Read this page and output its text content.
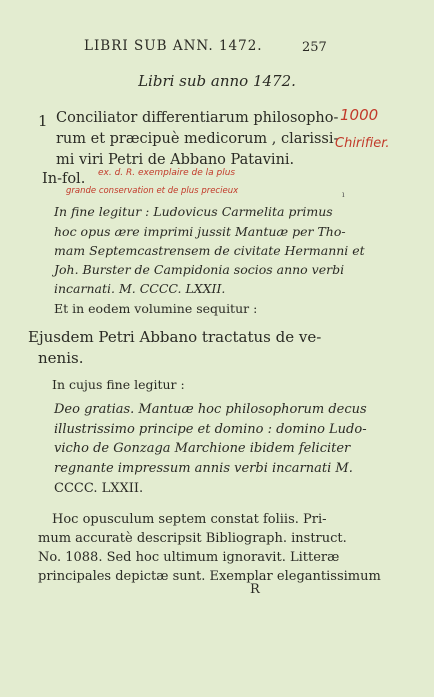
LIBRI SUB ANN. 1472.	257
Libri sub anno 1472.
1 Conciliator differentiarum philosopho-
rum et præcipuè medicorum , clarissi-
mi viri Petri de Abbano Patavini.
In-fol.
1000
Chirifier.
ex. d. R. exemplaire de la plus
grande conservation et de plus precieux	ı
In fine legitur : Ludovicus Carmelita primus
hoc opus ære imprimi jussit Mantuæ per Tho-
mam Septemcastrensem de civitate Hermanni et
Joh. Burster de Campidonia socios anno verbi
incarnati. M. CCCC. LXXII.
Et in eodem volumine sequitur :
Ejusdem Petri Abbano tractatus de ve-
nenis.
In cujus fine legitur :
Deo gratias. Mantuæ hoc philosophorum decus
illustrissimo principe et domino : domino Ludo-
vicho de Gonzaga Marchione ibidem feliciter
regnante impressum annis verbi incarnati M.
CCCC. LXXII.
Hoc opusculum septem constat foliis. Pri-
mum accuratè descripsit Bibliograph. instruct.
No. 1088. Sed hoc ultimum ignoravit. Litteræ
principales depictæ sunt. Exemplar elegantissimum
R
